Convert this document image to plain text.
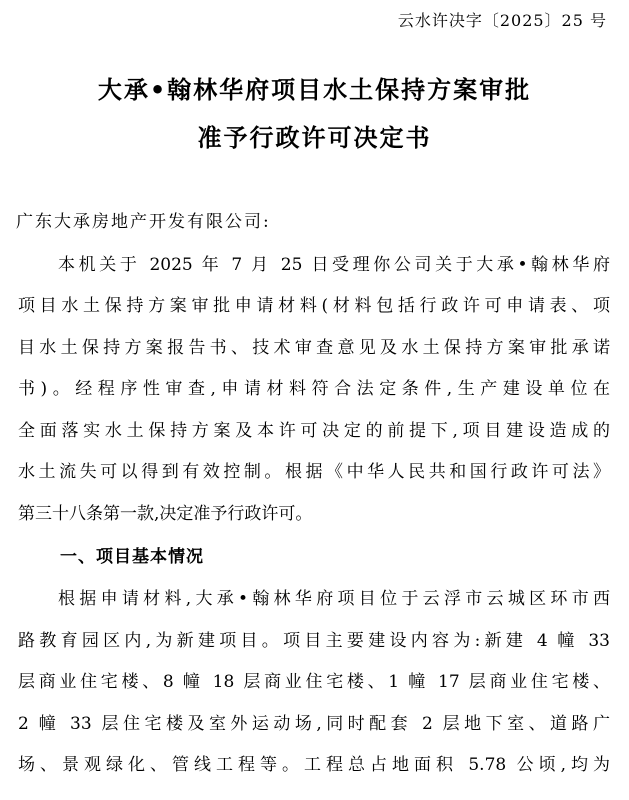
云水许决字〔2025〕25 号
大承•翰林华府项目水土保持方案审批
准予行政许可决定书
广东大承房地产开发有限公司:
本机关于 2025 年 7 月 25 日受理你公司关于大承•翰林华府
项目水土保持方案审批申请材料(材料包括行政许可申请表、项
目水土保持方案报告书、技术审查意见及水土保持方案审批承诺
书)。经程序性审查,申请材料符合法定条件,生产建设单位在
全面落实水土保持方案及本许可决定的前提下,项目建设造成的
水土流失可以得到有效控制。根据《中华人民共和国行政许可法》
第三十八条第一款,决定准予行政许可。
一、项目基本情况
根据申请材料,大承•翰林华府项目位于云浮市云城区环市西
路教育园区内,为新建项目。项目主要建设内容为:新建 4 幢 33
层商业住宅楼、8 幢 18 层商业住宅楼、1 幢 17 层商业住宅楼、
2 幢 33 层住宅楼及室外运动场,同时配套 2 层地下室、道路广
场、景观绿化、管线工程等。工程总占地面积 5.78 公顷,均为
